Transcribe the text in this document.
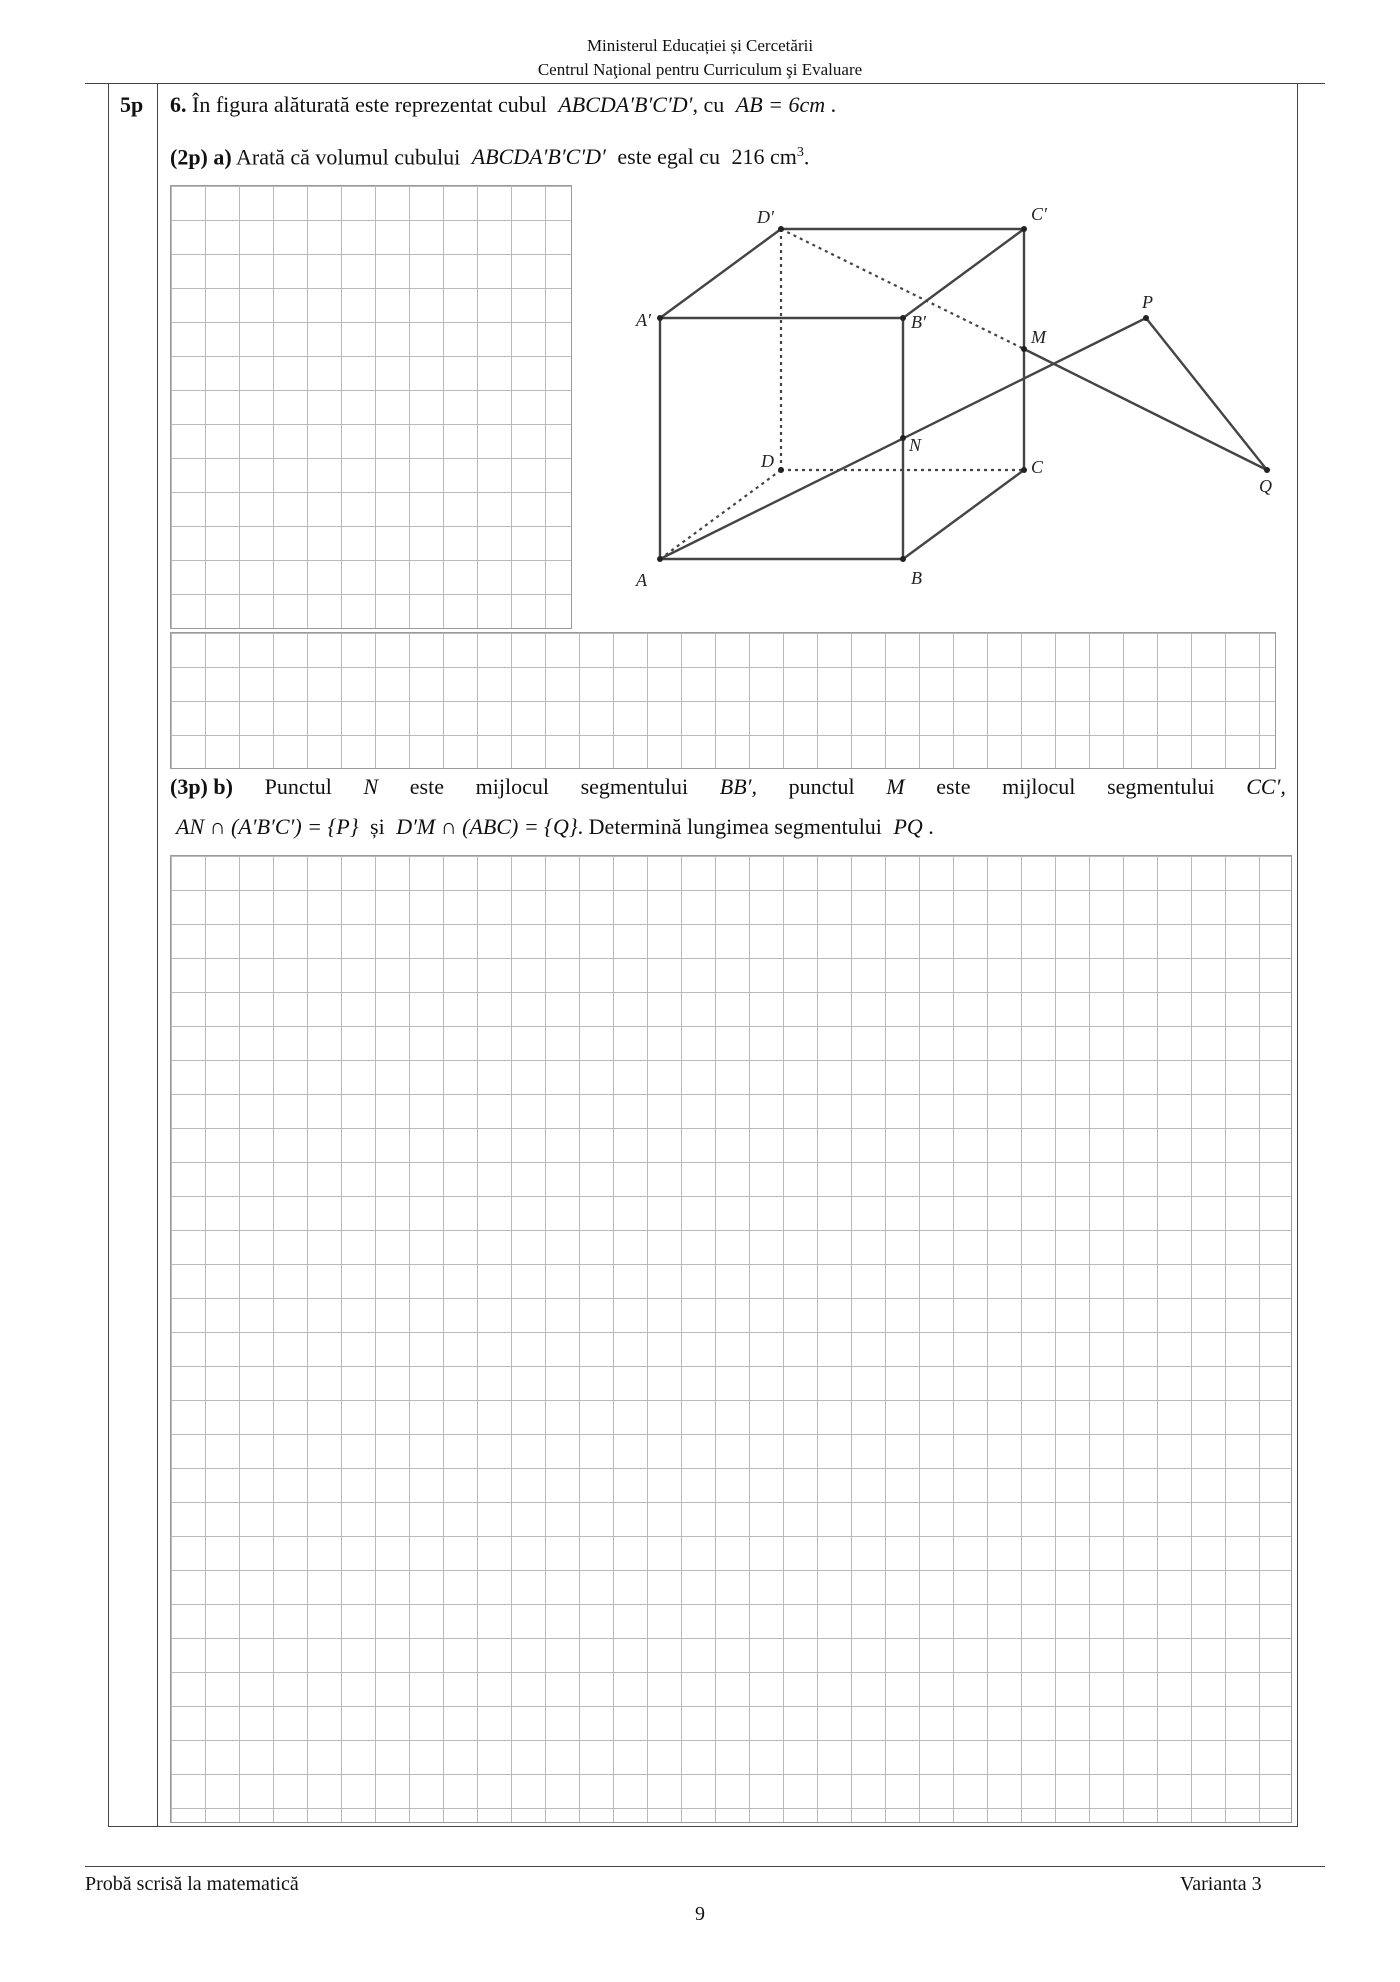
Ministerul Educației și Cercetării
Centrul Naţional pentru Curriculum şi Evaluare
5p 6. În figura alăturată este reprezentat cubul ABCDA′B′C′D′, cu AB = 6cm .
(2p) a) Arată că volumul cubului ABCDA′B′C′D′ este egal cu 216 $cm^3$.
A	B
C
D
A′	B′
C′
D′
M
N
P
Q
(3p) b) Punctul N este mijlocul segmentului BB′, punctul M este mijlocul segmentului CC′,
AN ∩ (A′B′C′) = {P} și D′M ∩ (ABC) = {Q}. Determină lungimea segmentului PQ .
Probă scrisă la matematică	Varianta 3
9
